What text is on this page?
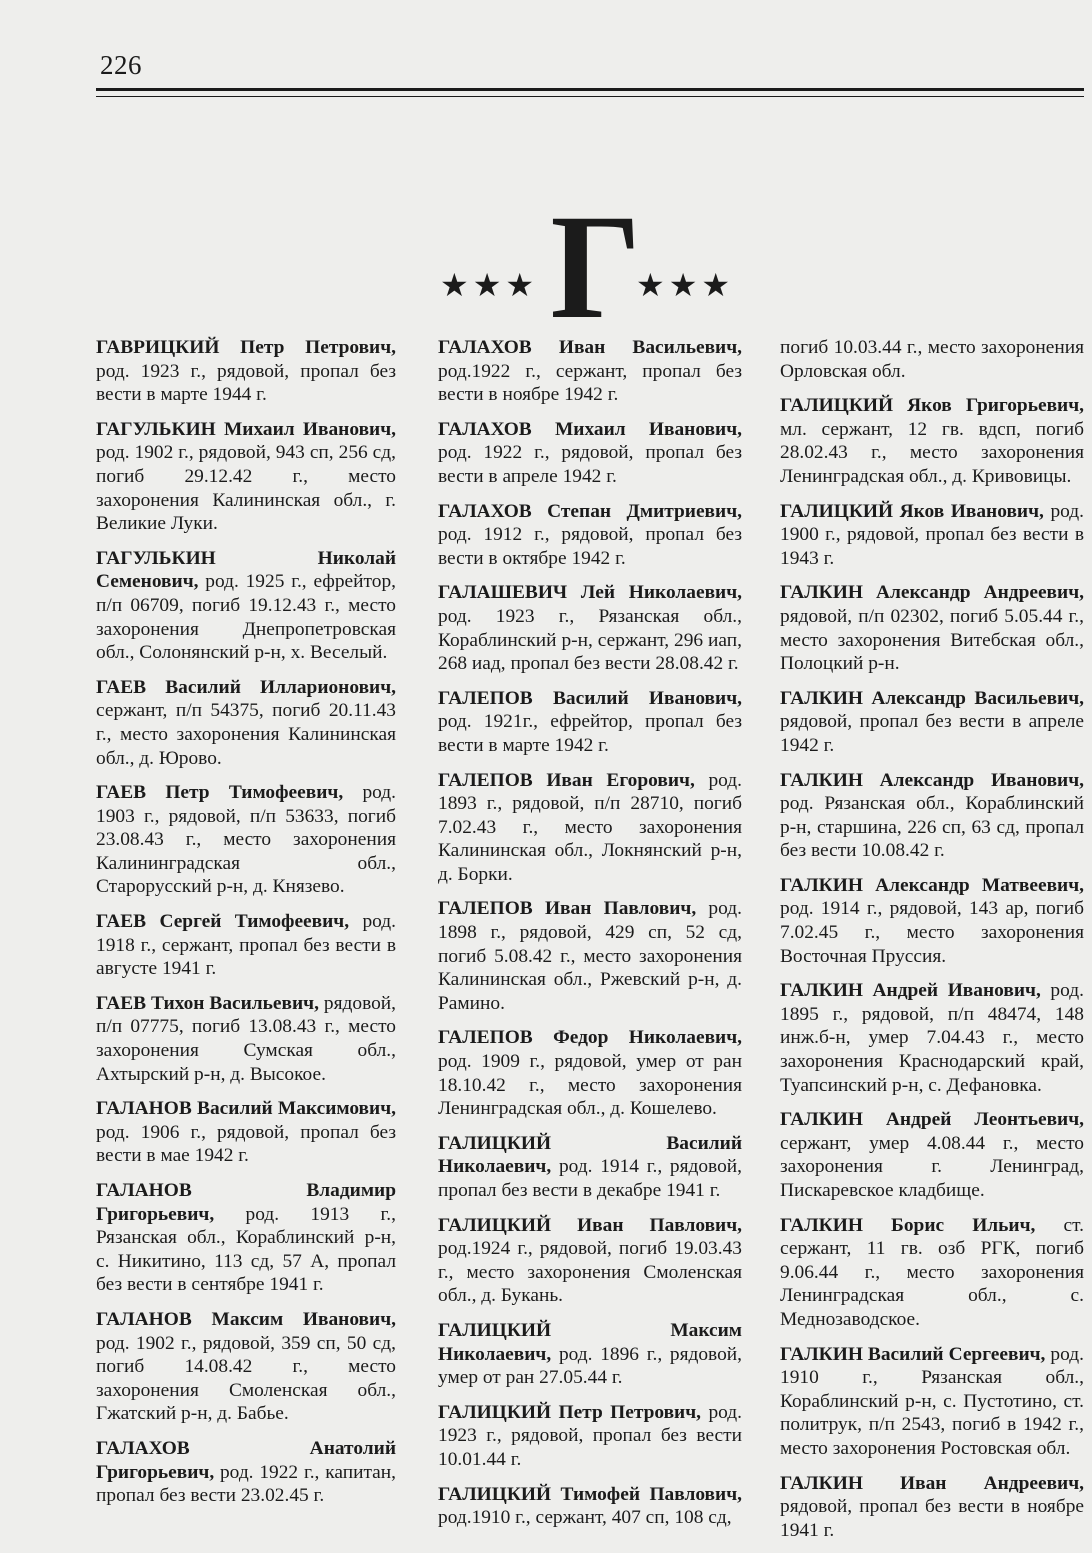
226
★★★ Г
★★★

ГАВРИЦКИЙ Петр Петрович, род. 1923 г., рядовой, пропал без вести в марте 1944 г.

ГАГУЛЬКИН Михаил Иванович, род. 1902 г., рядовой, 943 сп, 256 сд, погиб 29.12.42 г., место захоронения Калининская обл., г. Великие Луки.

ГАГУЛЬКИН Николай Семенович, род. 1925 г., ефрейтор, п/п 06709, погиб 19.12.43 г., место захоронения Днепропетровская обл., Солонянский р-н, х. Веселый.

ГАЕВ Василий Илларионович, сержант, п/п 54375, погиб 20.11.43 г., место захоронения Калининская обл., д. Юрово.

ГАЕВ Петр Тимофеевич, род. 1903 г., рядовой, п/п 53633, погиб 23.08.43 г., место захоронения Калининградская обл., Старорусский р-н, д. Князево.

ГАЕВ Сергей Тимофеевич, род. 1918 г., сержант, пропал без вести в августе 1941 г.

ГАЕВ Тихон Васильевич, рядовой, п/п 07775, погиб 13.08.43 г., место захоронения Сумская обл., Ахтырский р-н, д. Высокое.

ГАЛАНОВ Василий Максимович, род. 1906 г., рядовой, пропал без вести в мае 1942 г.

ГАЛАНОВ Владимир Григорьевич, род. 1913 г., Рязанская обл., Кораблинский р-н, с. Никитино, 113 сд, 57 А, пропал без вести в сентябре 1941 г.

ГАЛАНОВ Максим Иванович, род. 1902 г., рядовой, 359 сп, 50 сд, погиб 14.08.42 г., место захоронения Смоленская обл., Гжатский р-н, д. Бабье.

ГАЛАХОВ Анатолий Григорьевич, род. 1922 г., капитан, пропал без вести 23.02.45 г.

ГАЛАХОВ Иван Васильевич, род.1922 г., сержант, пропал без вести в ноябре 1942 г.

ГАЛАХОВ Михаил Иванович, род. 1922 г., рядовой, пропал без вести в апреле 1942 г.

ГАЛАХОВ Степан Дмитриевич, род. 1912 г., рядовой, пропал без вести в октябре 1942 г.

ГАЛАШЕВИЧ Лей Николаевич, род. 1923 г., Рязанская обл., Кораблинский р-н, сержант, 296 иап, 268 иад, пропал без вести 28.08.42 г.

ГАЛЕПОВ Василий Иванович, род. 1921г., ефрейтор, пропал без вести в марте 1942 г.

ГАЛЕПОВ Иван Егорович, род. 1893 г., рядовой, п/п 28710, погиб 7.02.43 г., место захоронения Калининская обл., Локнянский р-н, д. Борки.

ГАЛЕПОВ Иван Павлович, род. 1898 г., рядовой, 429 сп, 52 сд, погиб 5.08.42 г., место захоронения Калининская обл., Ржевский р-н, д. Рамино.

ГАЛЕПОВ Федор Николаевич, род. 1909 г., рядовой, умер от ран 18.10.42 г., место захоронения Ленинградская обл., д. Кошелево.

ГАЛИЦКИЙ Василий Николаевич, род. 1914 г., рядовой, пропал без вести в декабре 1941 г.

ГАЛИЦКИЙ Иван Павлович, род.1924 г., рядовой, погиб 19.03.43 г., место захоронения Смоленская обл., д. Букань.

ГАЛИЦКИЙ Максим Николаевич, род. 1896 г., рядовой, умер от ран 27.05.44 г.

ГАЛИЦКИЙ Петр Петрович, род. 1923 г., рядовой, пропал без вести 10.01.44 г.

ГАЛИЦКИЙ Тимофей Павлович, род.1910 г., сержант, 407 сп, 108 сд,

погиб 10.03.44 г., место захоронения Орловская обл.

ГАЛИЦКИЙ Яков Григорьевич, мл. сержант, 12 гв. вдсп, погиб 28.02.43 г., место захоронения Ленинградская обл., д. Кривовицы.

ГАЛИЦКИЙ Яков Иванович, род. 1900 г., рядовой, пропал без вести в 1943 г.

ГАЛКИН Александр Андреевич, рядовой, п/п 02302, погиб 5.05.44 г., место захоронения Витебская обл., Полоцкий р-н.

ГАЛКИН Александр Васильевич, рядовой, пропал без вести в апреле 1942 г.

ГАЛКИН Александр Иванович, род. Рязанская обл., Кораблинский р-н, старшина, 226 сп, 63 сд, пропал без вести 10.08.42 г.

ГАЛКИН Александр Матвеевич, род. 1914 г., рядовой, 143 ар, погиб 7.02.45 г., место захоронения Восточная Пруссия.

ГАЛКИН Андрей Иванович, род. 1895 г., рядовой, п/п 48474, 148 инж.б-н, умер 7.04.43 г., место захоронения Краснодарский край, Туапсинский р-н, с. Дефановка.

ГАЛКИН Андрей Леонтьевич, сержант, умер 4.08.44 г., место захоронения г. Ленинград, Пискаревское кладбище.

ГАЛКИН Борис Ильич, ст. сержант, 11 гв. озб РГК, погиб 9.06.44 г., место захоронения Ленинградская обл., с. Меднозаводское.

ГАЛКИН Василий Сергеевич, род. 1910 г., Рязанская обл., Кораблинский р-н, с. Пустотино, ст. политрук, п/п 2543, погиб в 1942 г., место захоронения Ростовская обл.

ГАЛКИН Иван Андреевич, рядовой, пропал без вести в ноябре 1941 г.
